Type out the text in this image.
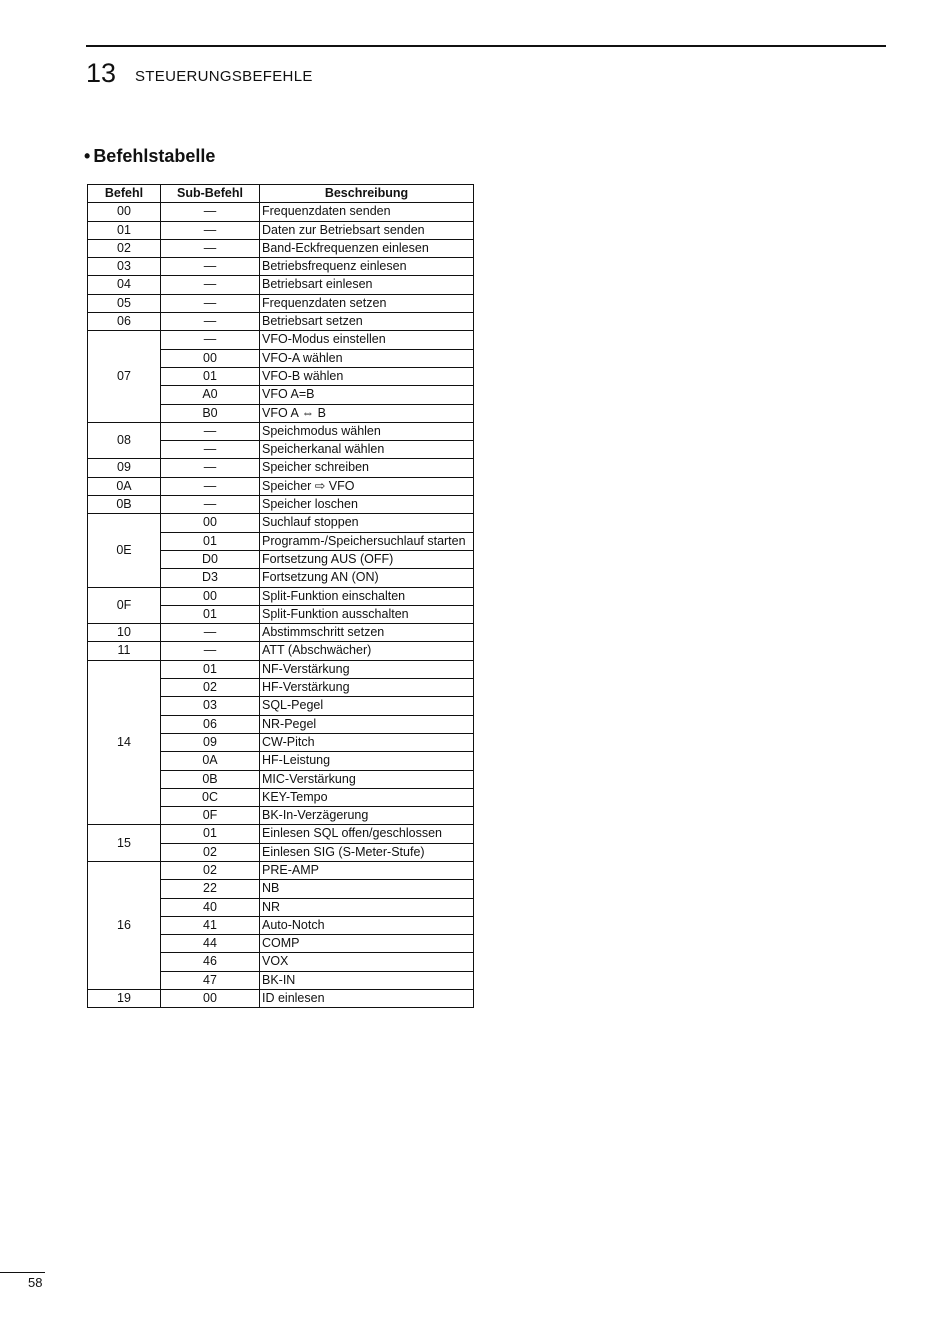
13 STEUERUNGSBEFEHLE
• Befehlstabelle
Befehl	Sub-Befehl	Beschreibung
00	—	Frequenzdaten senden
01	—	Daten zur Betriebsart senden
02	—	Band-Eckfrequenzen einlesen
03	—	Betriebsfrequenz einlesen
04	—	Betriebsart einlesen
05	—	Frequenzdaten setzen
06	—	Betriebsart setzen
07	—	VFO-Modus einstellen
	00	VFO-A wählen
	01	VFO-B wählen
	A0	VFO A=B
	B0	VFO A ⇔ B
08	—	Speichmodus wählen
	—	Speicherkanal wählen
09	—	Speicher schreiben
0A	—	Speicher ⇨ VFO
0B	—	Speicher loschen
0E	00	Suchlauf stoppen
	01	Programm-/Speichersuchlauf starten
	D0	Fortsetzung AUS (OFF)
	D3	Fortsetzung AN (ON)
0F	00	Split-Funktion einschalten
	01	Split-Funktion ausschalten
10	—	Abstimmschritt setzen
11	—	ATT (Abschwächer)
14	01	NF-Verstärkung
	02	HF-Verstärkung
	03	SQL-Pegel
	06	NR-Pegel
	09	CW-Pitch
	0A	HF-Leistung
	0B	MIC-Verstärkung
	0C	KEY-Tempo
	0F	BK-In-Verzägerung
15	01	Einlesen SQL offen/geschlossen
	02	Einlesen SIG (S-Meter-Stufe)
16	02	PRE-AMP
	22	NB
	40	NR
	41	Auto-Notch
	44	COMP
	46	VOX
	47	BK-IN
19	00	ID einlesen
58
